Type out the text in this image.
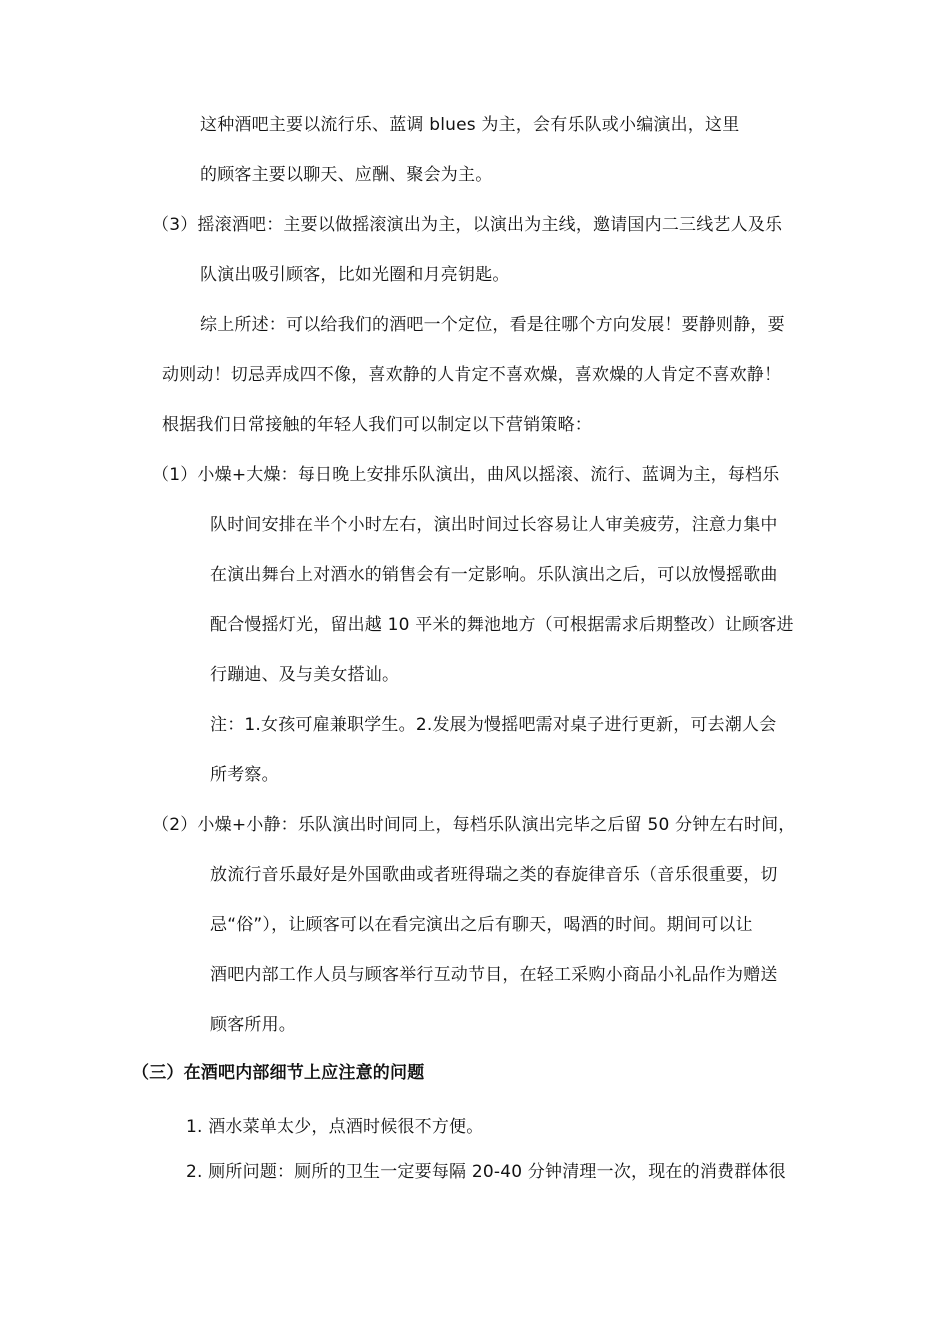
这种酒吧主要以流行乐、蓝调 blues 为主，会有乐队或小编演出，这里
的顾客主要以聊天、应酬、聚会为主。
（3）摇滚酒吧：主要以做摇滚演出为主，以演出为主线，邀请国内二三线艺人及乐
队演出吸引顾客，比如光圈和月亮钥匙。
综上所述：可以给我们的酒吧一个定位，看是往哪个方向发展！要静则静，要
动则动！切忌弄成四不像，喜欢静的人肯定不喜欢燥，喜欢燥的人肯定不喜欢静！
根据我们日常接触的年轻人我们可以制定以下营销策略：
（1）小燥+大燥：每日晚上安排乐队演出，曲风以摇滚、流行、蓝调为主，每档乐
队时间安排在半个小时左右，演出时间过长容易让人审美疲劳，注意力集中
在演出舞台上对酒水的销售会有一定影响。乐队演出之后，可以放慢摇歌曲
配合慢摇灯光，留出越 10 平米的舞池地方（可根据需求后期整改）让顾客进
行蹦迪、及与美女搭讪。
注：1.女孩可雇兼职学生。2.发展为慢摇吧需对桌子进行更新，可去潮人会
所考察。
（2）小燥+小静：乐队演出时间同上，每档乐队演出完毕之后留 50 分钟左右时间，
放流行音乐最好是外国歌曲或者班得瑞之类的春旋律音乐（音乐很重要，切
忌“俗”），让顾客可以在看完演出之后有聊天，喝酒的时间。期间可以让
酒吧内部工作人员与顾客举行互动节目，在轻工采购小商品小礼品作为赠送
顾客所用。
（三）在酒吧内部细节上应注意的问题
1. 酒水菜单太少，点酒时候很不方便。
2. 厕所问题：厕所的卫生一定要每隔 20-40 分钟清理一次，现在的消费群体很
